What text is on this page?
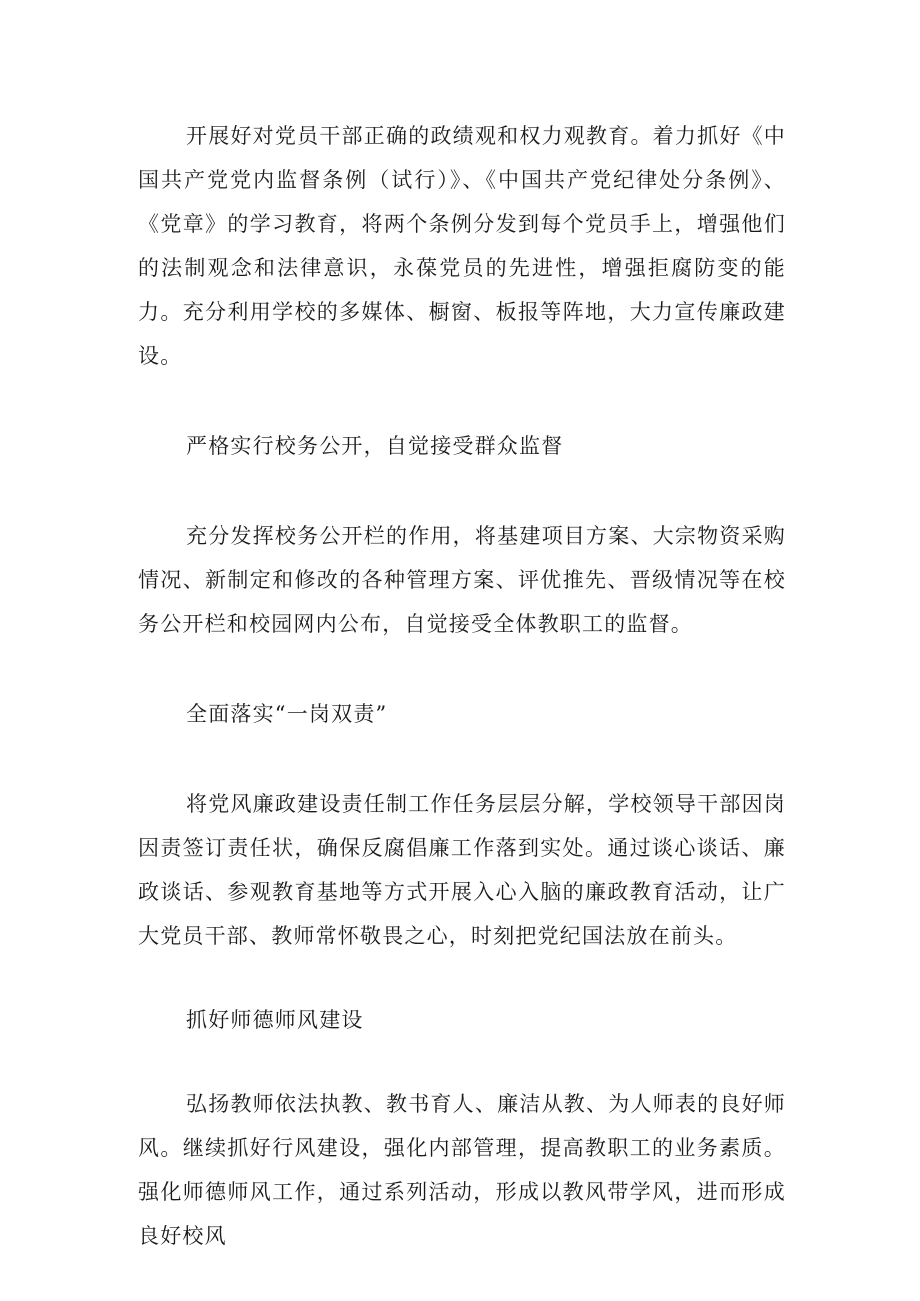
开展好对党员干部正确的政绩观和权力观教育。着力抓好《中国共产党党内监督条例（试行）》、《中国共产党纪律处分条例》、《党章》的学习教育，将两个条例分发到每个党员手上，增强他们的法制观念和法律意识，永葆党员的先进性，增强拒腐防变的能力。充分利用学校的多媒体、橱窗、板报等阵地，大力宣传廉政建设。

严格实行校务公开，自觉接受群众监督

充分发挥校务公开栏的作用，将基建项目方案、大宗物资采购情况、新制定和修改的各种管理方案、评优推先、晋级情况等在校务公开栏和校园网内公布，自觉接受全体教职工的监督。

全面落实“一岗双责”

将党风廉政建设责任制工作任务层层分解，学校领导干部因岗因责签订责任状，确保反腐倡廉工作落到实处。通过谈心谈话、廉政谈话、参观教育基地等方式开展入心入脑的廉政教育活动，让广大党员干部、教师常怀敬畏之心，时刻把党纪国法放在前头。

抓好师德师风建设

弘扬教师依法执教、教书育人、廉洁从教、为人师表的良好师风。继续抓好行风建设，强化内部管理，提高教职工的业务素质。强化师德师风工作，通过系列活动，形成以教风带学风，进而形成良好校风
